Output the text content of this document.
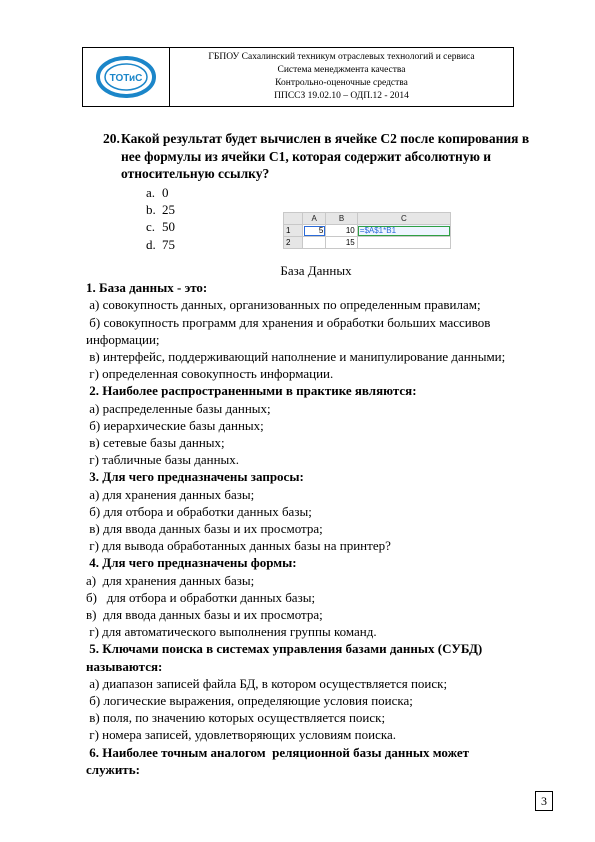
ТОТиС
ГБПОУ Сахалинский техникум отраслевых технологий и сервиса
Система менеджмента качества
Контрольно-оценочные средства
ППССЗ 19.02.10 – ОДП.12 - 2014
20. Какой результат будет вычислен в ячейке С2 после копирования в нее формулы из ячейки С1, которая содержит абсолютную и относительную ссылку?
a. 0
b. 25
c. 50
d. 75
	A	B	C
1	5	10	=$A$1*B1
2		15	
База Данных
1. База данных - это:
а) совокупность данных, организованных по определенным правилам;
б) совокупность программ для хранения и обработки больших массивов
информации;
в) интерфейс, поддерживающий наполнение и манипулирование данными;
г) определенная совокупность информации.
2. Наиболее распространенными в практике являются:
а) распределенные базы данных;
б) иерархические базы данных;
в) сетевые базы данных;
г) табличные базы данных.
3. Для чего предназначены запросы:
а) для хранения данных базы;
б) для отбора и обработки данных базы;
в) для ввода данных базы и их просмотра;
г) для вывода обработанных данных базы на принтер?
4. Для чего предназначены формы:
а)  для хранения данных базы;
б)   для отбора и обработки данных базы;
в)  для ввода данных базы и их просмотра;
г) для автоматического выполнения группы команд.
5. Ключами поиска в системах управления базами данных (СУБД)
называются:
а) диапазон записей файла БД, в котором осуществляется поиск;
б) логические выражения, определяющие условия поиска;
в) поля, по значению которых осуществляется поиск;
г) номера записей, удовлетворяющих условиям поиска.
6. Наиболее точным аналогом  реляционной базы данных может
служить:
3
